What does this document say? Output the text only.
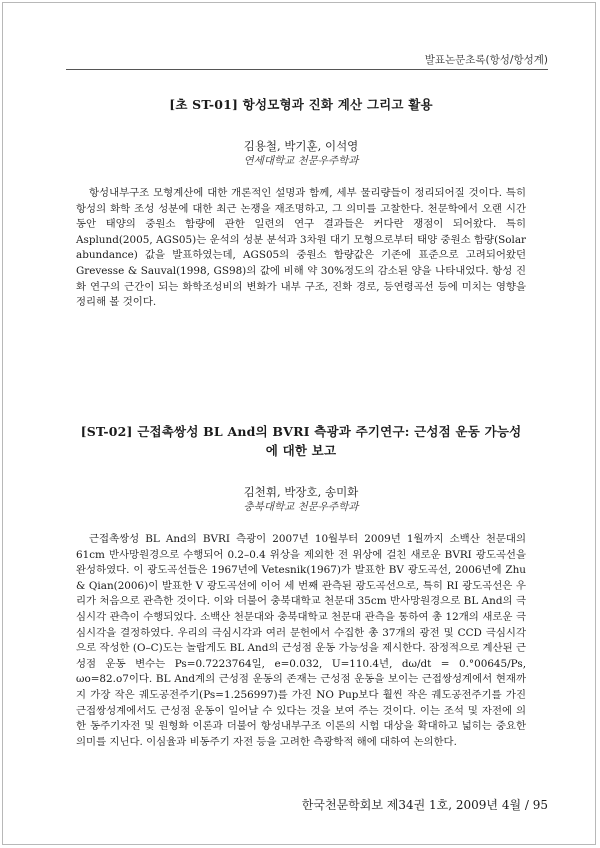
발표논문초록(항성/항성계)
[초 ST-01] 항성모형과 진화 계산 그리고 활용
김용철, 박기훈, 이석영
연세대학교 천문우주학과

항성내부구조 모형계산에 대한 개론적인 설명과 함께, 세부 물리량들이 정리되어질 것이다. 특히 항성의 화학 조성 성분에 대한 최근 논쟁을 재조명하고, 그 의미를 고찰한다. 천문학에서 오랜 시간동안 태양의 중원소 함량에 관한 일련의 연구 결과들은 커다란 쟁점이 되어왔다. 특히 Asplund(2005, AGS05)는 운석의 성분 분석과 3차원 대기 모형으로부터 태양 중원소 함량(Solar abundance) 값을 발표하였는데, AGS05의 중원소 함량값은 기존에 표준으로 고려되어왔던 Grevesse & Sauval(1998, GS98)의 값에 비해 약 30%정도의 감소된 양을 나타내었다. 항성 진화 연구의 근간이 되는 화학조성비의 변화가 내부 구조, 진화 경로, 등연령곡선 등에 미치는 영향을 정리해 볼 것이다.

[ST-02] 근접촉쌍성 BL And의 BVRI 측광과 주기연구: 근성점 운동 가능성에 대한 보고
김천휘, 박장호, 송미화
충북대학교 천문우주학과

근접촉쌍성 BL And의 BVRI 측광이 2007년 10월부터 2009년 1월까지 소백산 천문대의 61cm 반사망원경으로 수행되어 0.2–0.4 위상을 제외한 전 위상에 걸친 새로운 BVRI 광도곡선을 완성하였다. 이 광도곡선들은 1967년에 Vetesnik(1967)가 발표한 BV 광도곡선, 2006년에 Zhu & Qian(2006)이 발표한 V 광도곡선에 이어 세 번째 관측된 광도곡선으로, 특히 RI 광도곡선은 우리가 처음으로 관측한 것이다. 이와 더불어 충북대학교 천문대 35cm 반사망원경으로 BL And의 극심시각 관측이 수행되었다. 소백산 천문대와 충북대학교 천문대 관측을 통하여 총 12개의 새로운 극심시각을 결정하였다. 우리의 극심시각과 여러 문헌에서 수집한 총 37개의 광전 및 CCD 극심시각으로 작성한 (O–C)도는 놀랍게도 BL And의 근성점 운동 가능성을 제시한다. 잠정적으로 계산된 근성점 운동 변수는 Ps=0.7223764일, e=0.032, U=110.4년, dω/dt = 0.°00645/Ps, ωo=82.o7이다. BL And계의 근성점 운동의 존재는 근성점 운동을 보이는 근접쌍성계에서 현재까지 가장 작은 궤도공전주기(Ps=1.256997)를 가진 NO Pup보다 훨씬 작은 궤도공전주기를 가진 근접쌍성계에서도 근성점 운동이 일어날 수 있다는 것을 보여 주는 것이다. 이는 조석 및 자전에 의한 동주기자전 및 원형화 이론과 더불어 항성내부구조 이론의 시험 대상을 확대하고 넓히는 중요한 의미를 지닌다. 이심율과 비동주기 자전 등을 고려한 측광학적 해에 대하여 논의한다.

한국천문학회보 제34권 1호, 2009년 4월 / 95
